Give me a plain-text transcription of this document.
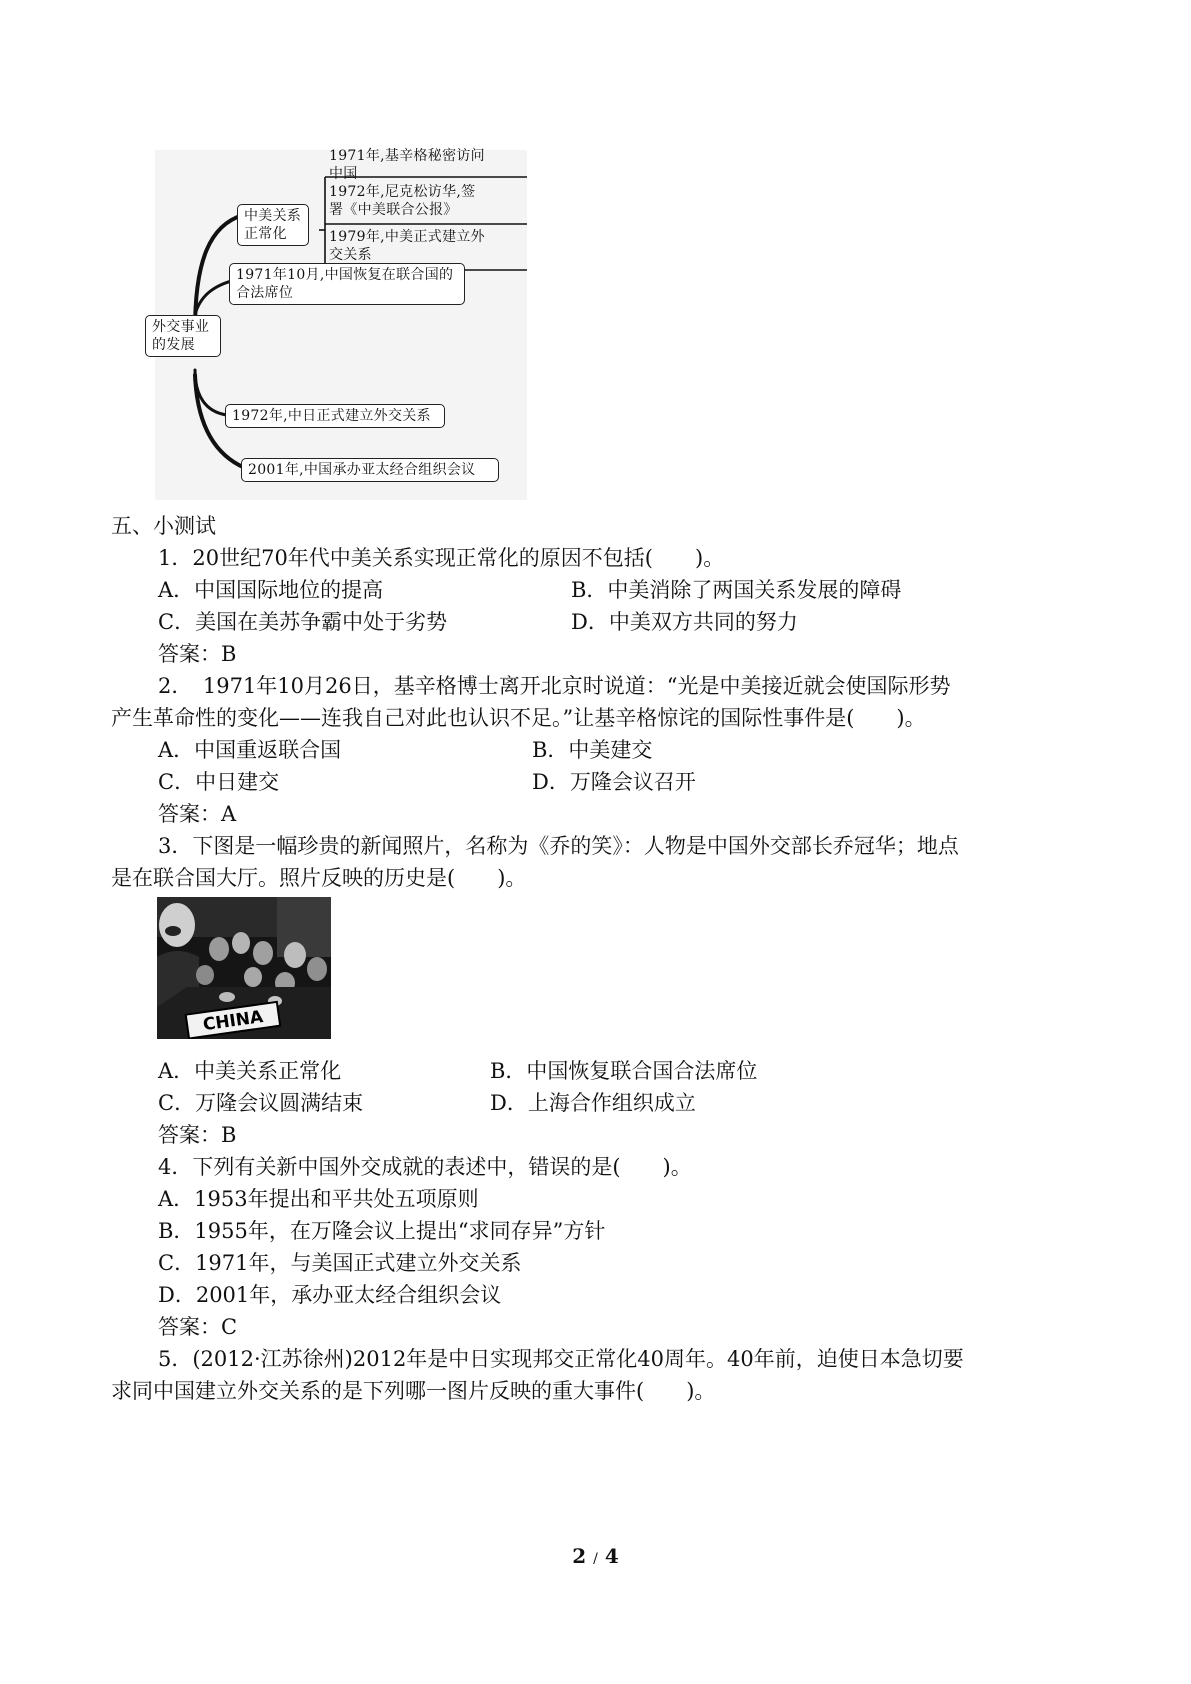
外交事业的发展
中美关系正常化
1971年,基辛格秘密访问中国
1972年,尼克松访华,签署《中美联合公报》
1979年,中美正式建立外交关系
1971年10月,中国恢复在联合国的合法席位
1972年,中日正式建立外交关系
2001年,中国承办亚太经合组织会议
五、小测试
1．20世纪70年代中美关系实现正常化的原因不包括(　　)。
A．中国国际地位的提高	B．中美消除了两国关系发展的障碍
C．美国在美苏争霸中处于劣势	D．中美双方共同的努力
答案：B
2．　1971年10月26日，基辛格博士离开北京时说道：“光是中美接近就会使国际形势
产生革命性的变化——连我自己对此也认识不足。”让基辛格惊诧的国际性事件是(　　)。
A．中国重返联合国	B．中美建交
C．中日建交	D．万隆会议召开
答案：A
3．下图是一幅珍贵的新闻照片，名称为《乔的笑》：人物是中国外交部长乔冠华；地点
是在联合国大厅。照片反映的历史是(　　)。
CHINA
A．中美关系正常化	B．中国恢复联合国合法席位
C．万隆会议圆满结束	D．上海合作组织成立
答案：B
4．下列有关新中国外交成就的表述中，错误的是(　　)。
A．1953年提出和平共处五项原则
B．1955年，在万隆会议上提出“求同存异”方针
C．1971年，与美国正式建立外交关系
D．2001年，承办亚太经合组织会议
答案：C
5．(2012·江苏徐州)2012年是中日实现邦交正常化40周年。40年前，迫使日本急切要
求同中国建立外交关系的是下列哪一图片反映的重大事件(　　)。
2 / 4
